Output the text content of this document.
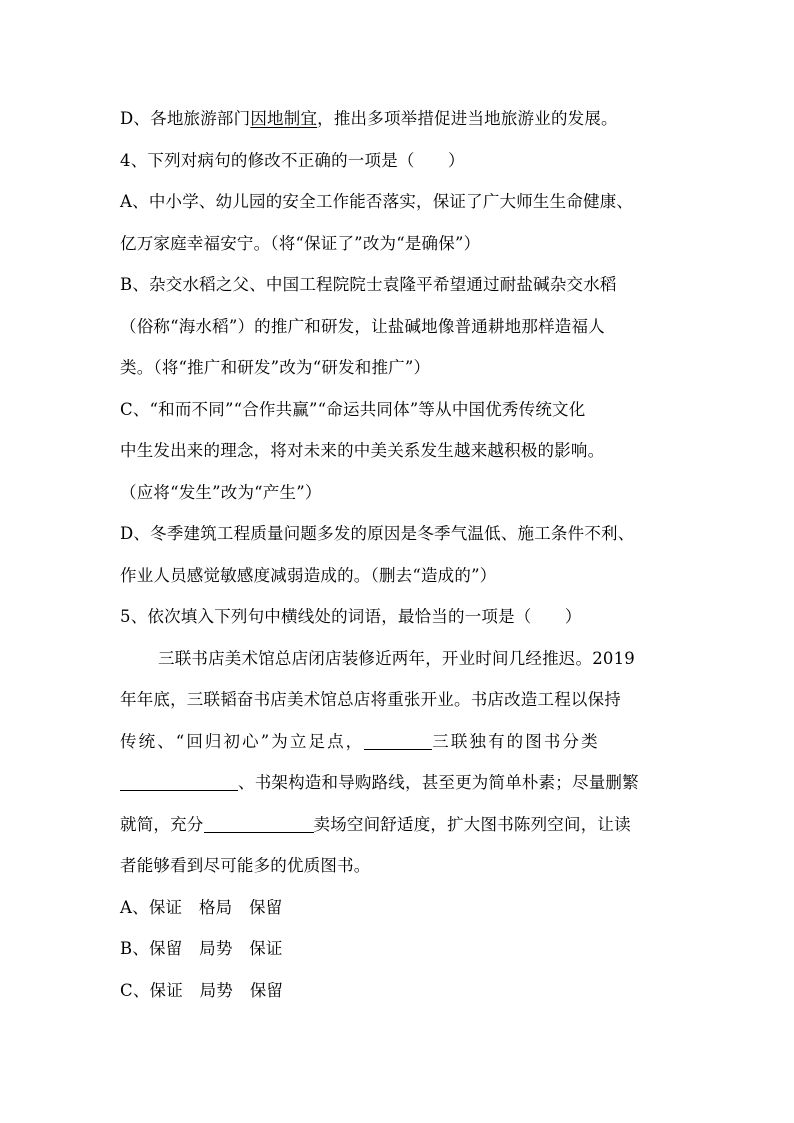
D、各地旅游部门因地制宜，推出多项举措促进当地旅游业的发展。
4、下列对病句的修改不正确的一项是（　　）
A、中小学、幼儿园的安全工作能否落实，保证了广大师生生命健康、
亿万家庭幸福安宁。（将“保证了”改为“是确保”）
B、杂交水稻之父、中国工程院院士袁隆平希望通过耐盐碱杂交水稻
（俗称“海水稻”）的推广和研发，让盐碱地像普通耕地那样造福人
类。（将“推广和研发”改为“研发和推广”）
C、“和而不同”“合作共赢”“命运共同体”等从中国优秀传统文化
中生发出来的理念，将对未来的中美关系发生越来越积极的影响。
（应将“发生”改为“产生”）
D、冬季建筑工程质量问题多发的原因是冬季气温低、施工条件不利、
作业人员感觉敏感度减弱造成的。（删去“造成的”）
5、依次填入下列句中横线处的词语，最恰当的一项是（　　）
三联书店美术馆总店闭店装修近两年，开业时间几经推迟。2019
年年底，三联韬奋书店美术馆总店将重张开业。书店改造工程以保持
传统、“回归初心”为立足点，	三联独有的图书分类
、书架构造和导购路线，甚至更为简单朴素；尽量删繁
就简，充分	卖场空间舒适度，扩大图书陈列空间，让读
者能够看到尽可能多的优质图书。
A、保证　格局　保留
B、保留　局势　保证
C、保证　局势　保留
